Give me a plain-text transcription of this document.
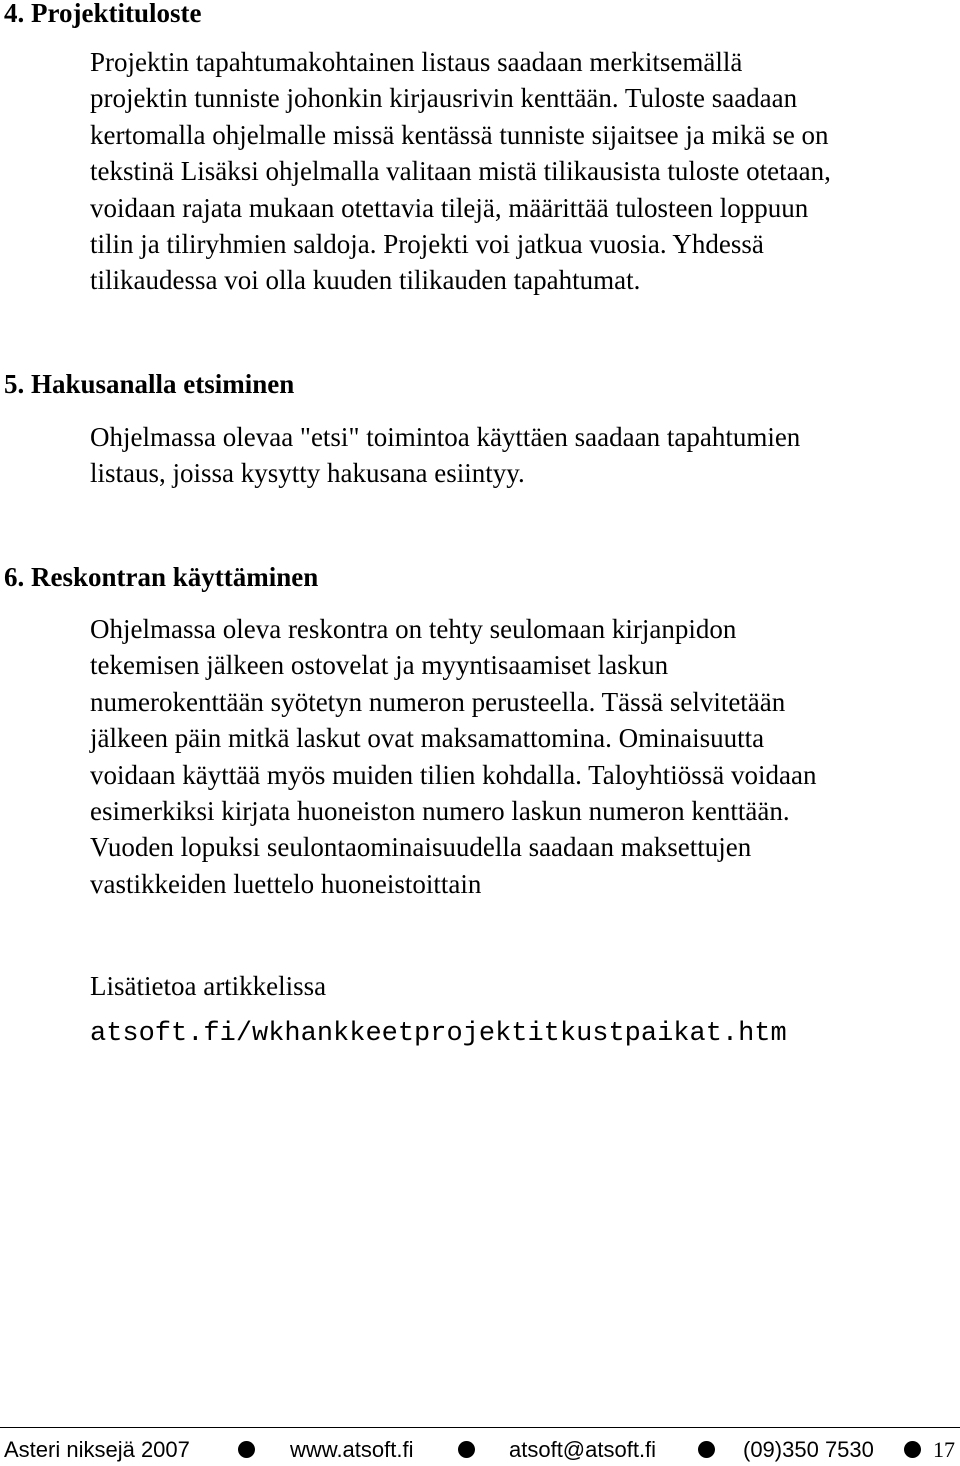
4. Projektituloste

Projektin tapahtumakohtainen listaus saadaan merkitsemällä
projektin tunniste johonkin kirjausrivin kenttään. Tuloste saadaan
kertomalla ohjelmalle missä kentässä tunniste sijaitsee ja mikä se on
tekstinä Lisäksi ohjelmalla valitaan mistä tilikausista tuloste otetaan,
voidaan rajata mukaan otettavia tilejä, määrittää tulosteen loppuun
tilin ja tiliryhmien saldoja. Projekti voi jatkua vuosia. Yhdessä
tilikaudessa voi olla kuuden tilikauden tapahtumat.

5. Hakusanalla etsiminen

Ohjelmassa olevaa "etsi" toimintoa käyttäen saadaan tapahtumien
listaus, joissa kysytty hakusana esiintyy.

6. Reskontran käyttäminen

Ohjelmassa oleva reskontra on tehty seulomaan kirjanpidon
tekemisen jälkeen ostovelat ja myyntisaamiset laskun
numerokenttään syötetyn numeron perusteella. Tässä selvitetään
jälkeen päin mitkä laskut ovat maksamattomina. Ominaisuutta
voidaan käyttää myös muiden tilien kohdalla. Taloyhtiössä voidaan
esimerkiksi kirjata huoneiston numero laskun numeron kenttään.
Vuoden lopuksi seulontaominaisuudella saadaan maksettujen
vastikkeiden luettelo huoneistoittain

Lisätietoa artikkelissa
atsoft.fi/wkhankkeetprojektitkustpaikat.htm
Asteri niksejä 2007	www.atsoft.fi	atsoft@atsoft.fi	(09)350 7530	17
